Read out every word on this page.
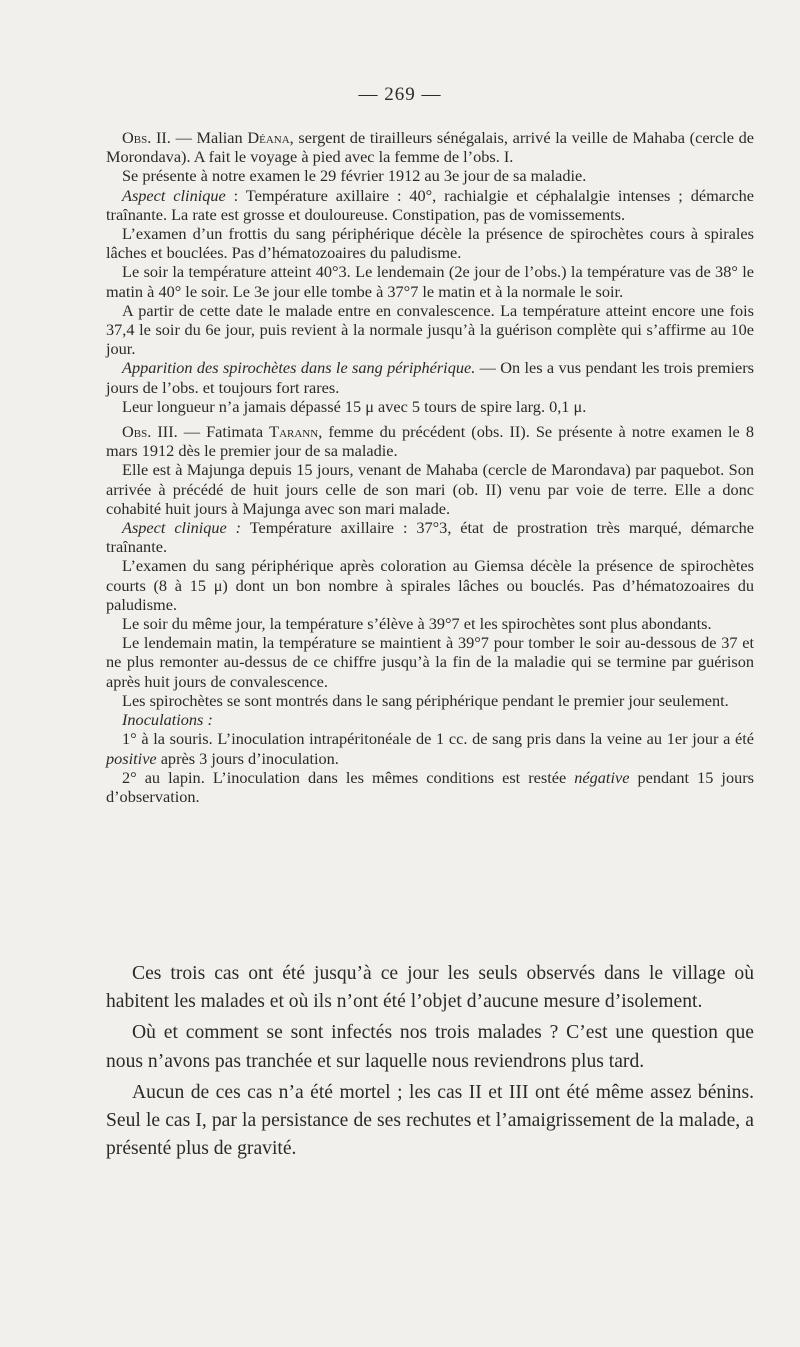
— 269 —

Obs. II. — Malian Déana, sergent de tirailleurs sénégalais, arrivé la veille de Mahaba (cercle de Morondava). A fait le voyage à pied avec la femme de l’obs. I.

Se présente à notre examen le 29 février 1912 au 3e jour de sa maladie.

Aspect clinique : Température axillaire : 40°, rachialgie et céphalalgie intenses ; démarche traînante. La rate est grosse et douloureuse. Constipation, pas de vomissements.

L’examen d’un frottis du sang périphérique décèle la présence de spirochètes cours à spirales lâches et bouclées. Pas d’hématozoaires du paludisme.

Le soir la température atteint 40°3. Le lendemain (2e jour de l’obs.) la température vas de 38° le matin à 40° le soir. Le 3e jour elle tombe à 37°7 le matin et à la normale le soir.

A partir de cette date le malade entre en convalescence. La température atteint encore une fois 37,4 le soir du 6e jour, puis revient à la normale jusqu’à la guérison complète qui s’affirme au 10e jour.

Apparition des spirochètes dans le sang périphérique. — On les a vus pendant les trois premiers jours de l’obs. et toujours fort rares.

Leur longueur n’a jamais dépassé 15 μ avec 5 tours de spire larg. 0,1 μ.

Obs. III. — Fatimata Tarann, femme du précédent (obs. II). Se présente à notre examen le 8 mars 1912 dès le premier jour de sa maladie.

Elle est à Majunga depuis 15 jours, venant de Mahaba (cercle de Marondava) par paquebot. Son arrivée à précédé de huit jours celle de son mari (ob. II) venu par voie de terre. Elle a donc cohabité huit jours à Majunga avec son mari malade.

Aspect clinique : Température axillaire : 37°3, état de prostration très marqué, démarche traînante.

L’examen du sang périphérique après coloration au Giemsa décèle la présence de spirochètes courts (8 à 15 μ) dont un bon nombre à spirales lâches ou bouclés. Pas d’hématozoaires du paludisme.

Le soir du même jour, la température s’élève à 39°7 et les spirochètes sont plus abondants.

Le lendemain matin, la température se maintient à 39°7 pour tomber le soir au-dessous de 37 et ne plus remonter au-dessus de ce chiffre jusqu’à la fin de la maladie qui se termine par guérison après huit jours de convalescence.

Les spirochètes se sont montrés dans le sang périphérique pendant le premier jour seulement.

Inoculations :

1° à la souris. L’inoculation intrapéritonéale de 1 cc. de sang pris dans la veine au 1er jour a été positive après 3 jours d’inoculation.

2° au lapin. L’inoculation dans les mêmes conditions est restée négative pendant 15 jours d’observation.

Ces trois cas ont été jusqu’à ce jour les seuls observés dans le village où habitent les malades et où ils n’ont été l’objet d’aucune mesure d’isolement.

Où et comment se sont infectés nos trois malades ? C’est une question que nous n’avons pas tranchée et sur laquelle nous reviendrons plus tard.

Aucun de ces cas n’a été mortel ; les cas II et III ont été même assez bénins. Seul le cas I, par la persistance de ses rechutes et l’amaigrissement de la malade, a présenté plus de gravité.
